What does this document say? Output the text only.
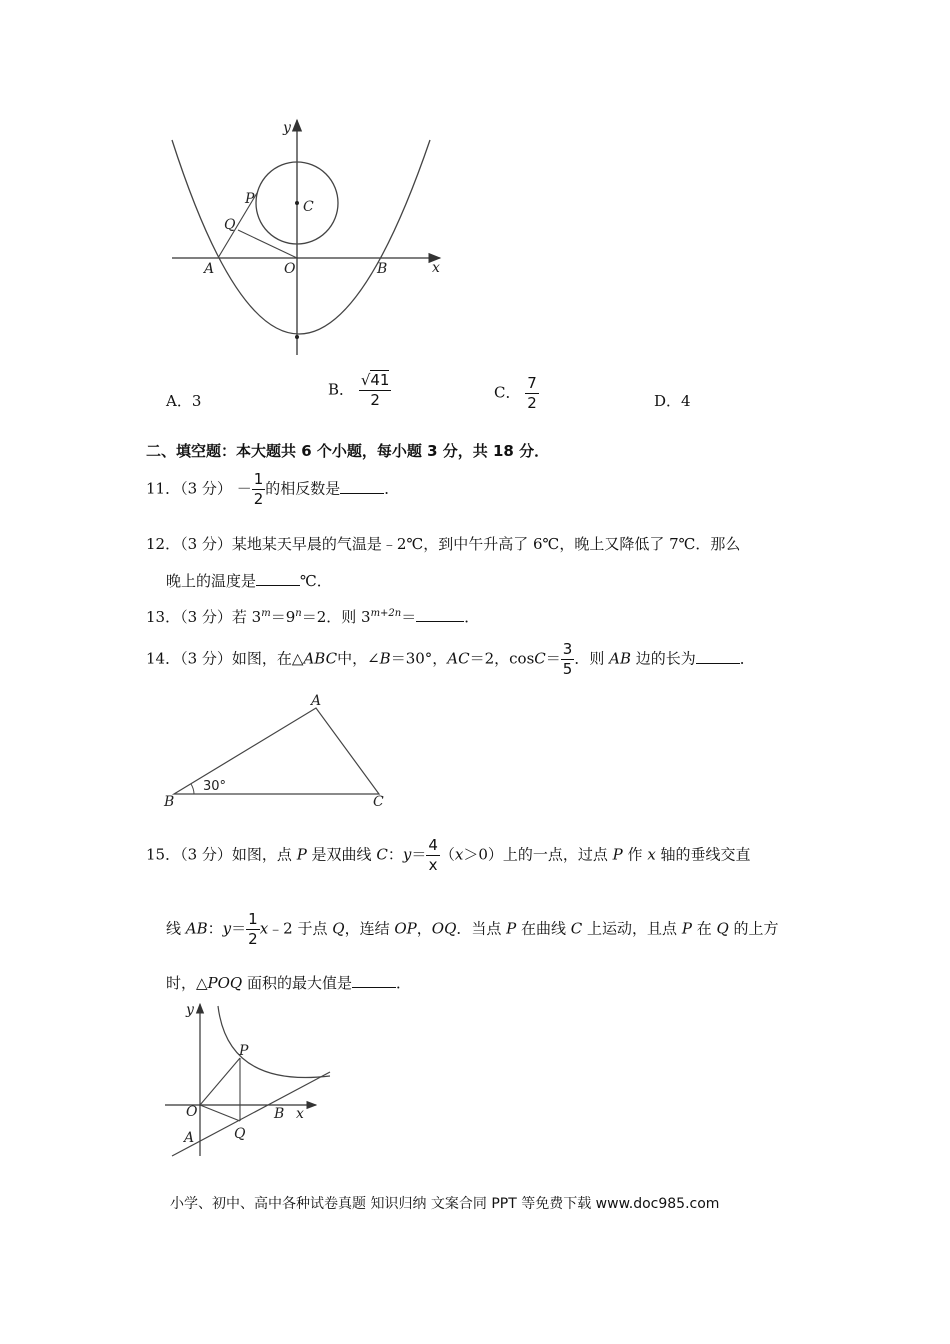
y
x
P
Q
C
A	O	B
A．3
B． $\frac{√41}{2}$	C． $\frac{7}{2}$	D．4
二、填空题：本大题共 6 个小题，每小题 3 分，共 18 分．
11．（3 分） － $\frac{1}{2}$ 的相反数是	．
12．（3 分）某地某天早晨的气温是﹣2℃，到中午升高了 6℃，晚上又降低了 7℃．那么
晚上的温度是	℃．
13．（3 分）若 $3^m=9^n=2$．则 $3^{m+2n}=$	．
14．（3 分）如图，在△ABC中，∠B＝30°，AC＝2，$\cos C= \frac{3}{5}$ ．则 AB 边的长为	．
A
B	C
30°
15．（3 分）如图，点 P 是双曲线 C：$y= \frac{4}{x} (x>0)$上的一点，过点 P 作 x 轴的垂线交直
线 AB：$y= \frac{1}{2}$ x﹣2 于点 Q，连结 OP，OQ．当点 P 在曲线 C 上运动，且点 P 在 Q 的上方
时，△POQ 面积的最大值是	．
y
x
P
O
A
B
Q
小学、初中、高中各种试卷真题 知识归纳 文案合同 PPT 等免费下载 www.doc985.com
